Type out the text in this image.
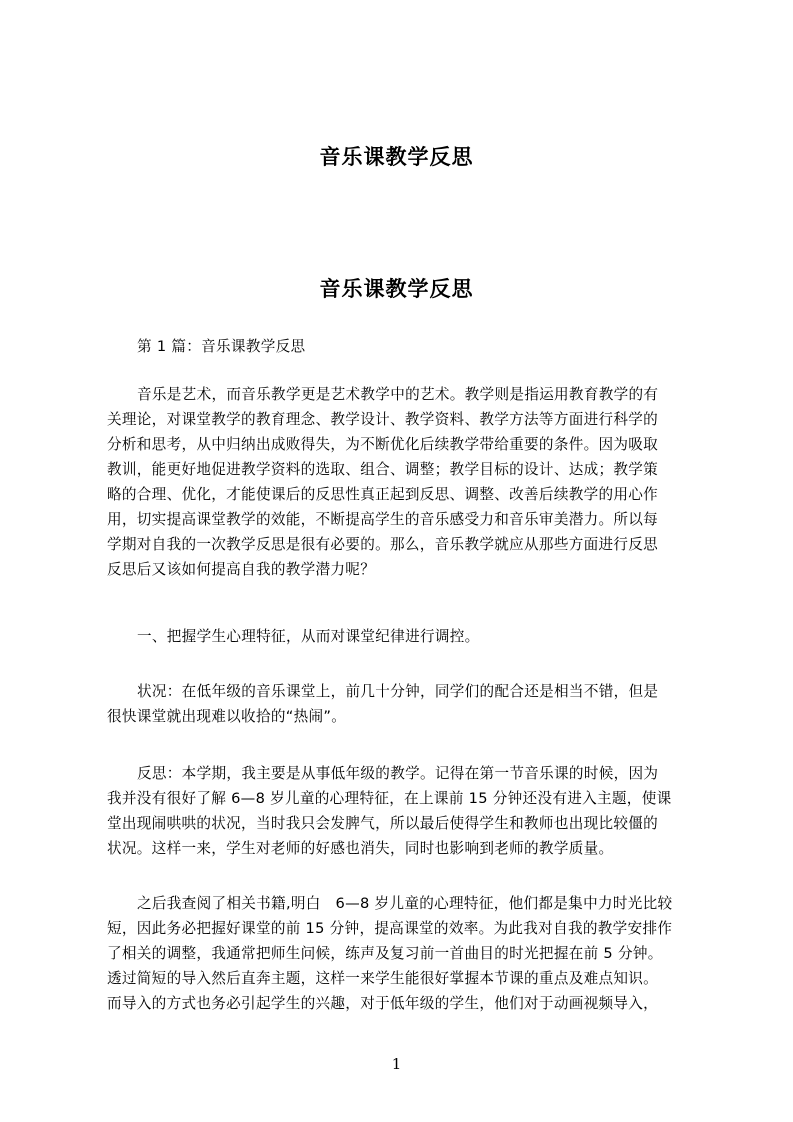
音乐课教学反思
音乐课教学反思
第 1 篇：音乐课教学反思
音乐是艺术，而音乐教学更是艺术教学中的艺术。教学则是指运用教育教学的有
关理论，对课堂教学的教育理念、教学设计、教学资料、教学方法等方面进行科学的
分析和思考，从中归纳出成败得失，为不断优化后续教学带给重要的条件。因为吸取
教训，能更好地促进教学资料的选取、组合、调整；教学目标的设计、达成；教学策
略的合理、优化，才能使课后的反思性真正起到反思、调整、改善后续教学的用心作
用，切实提高课堂教学的效能，不断提高学生的音乐感受力和音乐审美潜力。所以每
学期对自我的一次教学反思是很有必要的。那么，音乐教学就应从那些方面进行反思
反思后又该如何提高自我的教学潜力呢？
一、把握学生心理特征，从而对课堂纪律进行调控。
状况：在低年级的音乐课堂上，前几十分钟，同学们的配合还是相当不错，但是
很快课堂就出现难以收拾的“热闹”。
反思：本学期，我主要是从事低年级的教学。记得在第一节音乐课的时候，因为
我并没有很好了解 6—8 岁儿童的心理特征，在上课前 15 分钟还没有进入主题，使课
堂出现闹哄哄的状况，当时我只会发脾气，所以最后使得学生和教师也出现比较僵的
状况。这样一来，学生对老师的好感也消失，同时也影响到老师的教学质量。
之后我查阅了相关书籍,明白　6—8 岁儿童的心理特征，他们都是集中力时光比较
短，因此务必把握好课堂的前 15 分钟，提高课堂的效率。为此我对自我的教学安排作
了相关的调整，我通常把师生问候，练声及复习前一首曲目的时光把握在前 5 分钟。
透过简短的导入然后直奔主题，这样一来学生能很好掌握本节课的重点及难点知识。
而导入的方式也务必引起学生的兴趣，对于低年级的学生，他们对于动画视频导入，
1
